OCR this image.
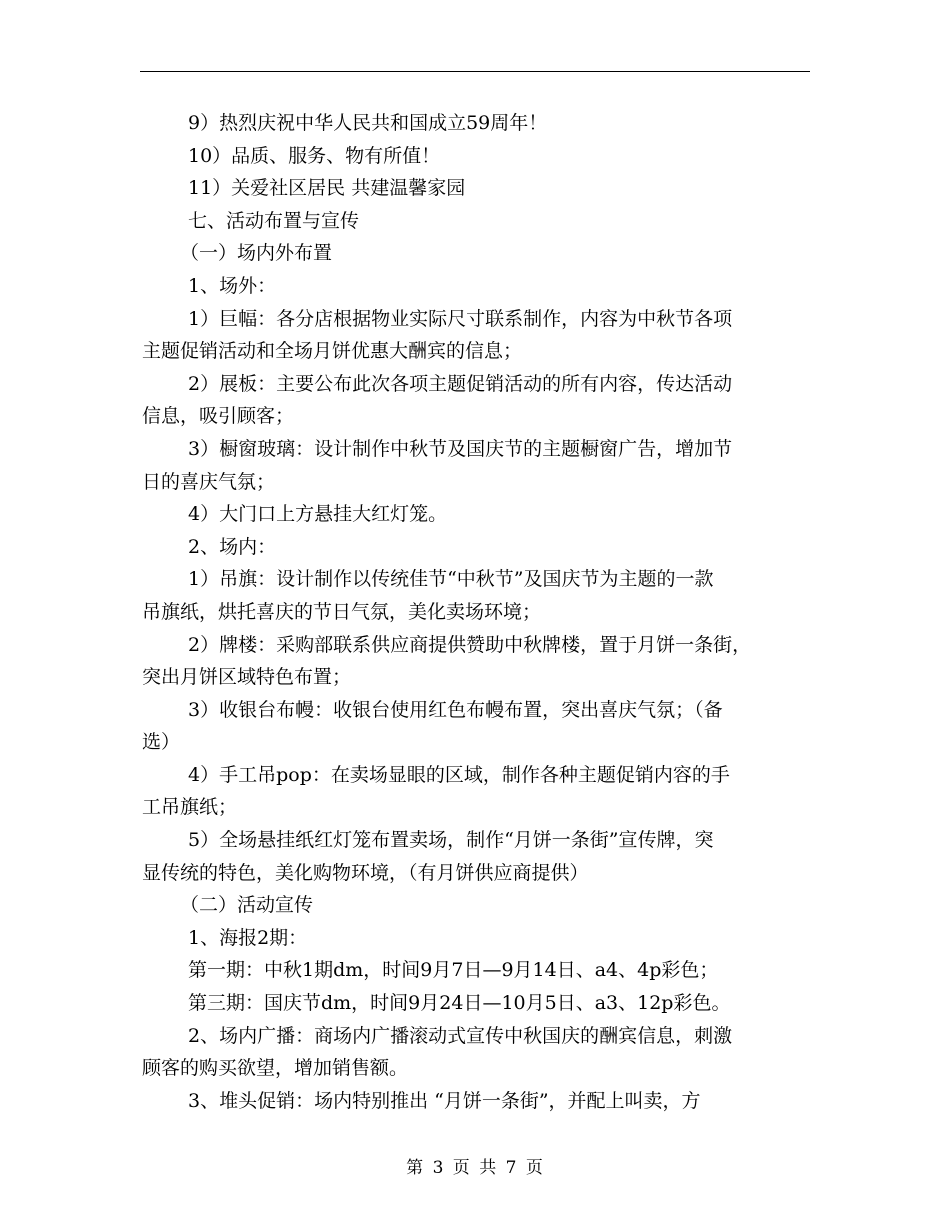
9）热烈庆祝中华人民共和国成立59周年！

10）品质、服务、物有所值！

11）关爱社区居民 共建温馨家园

七、活动布置与宣传

（一）场内外布置

1、场外：

1）巨幅：各分店根据物业实际尺寸联系制作，内容为中秋节各项

主题促销活动和全场月饼优惠大酬宾的信息；

2）展板：主要公布此次各项主题促销活动的所有内容，传达活动

信息，吸引顾客；

3）橱窗玻璃：设计制作中秋节及国庆节的主题橱窗广告，增加节

日的喜庆气氛；

4）大门口上方悬挂大红灯笼。

2、场内：

1）吊旗：设计制作以传统佳节“中秋节”及国庆节为主题的一款

吊旗纸，烘托喜庆的节日气氛，美化卖场环境；

2）牌楼：采购部联系供应商提供赞助中秋牌楼，置于月饼一条街，

突出月饼区域特色布置；

3）收银台布幔：收银台使用红色布幔布置，突出喜庆气氛；（备

选）

4）手工吊pop：在卖场显眼的区域，制作各种主题促销内容的手

工吊旗纸；

5）全场悬挂纸红灯笼布置卖场，制作“月饼一条街”宣传牌，突

显传统的特色，美化购物环境，（有月饼供应商提供）

（二）活动宣传

1、海报2期：

第一期：中秋1期dm，时间9月7日—9月14日、a4、4p彩色；

第三期：国庆节dm，时间9月24日—10月5日、a3、12p彩色。

2、场内广播：商场内广播滚动式宣传中秋国庆的酬宾信息，刺激

顾客的购买欲望，增加销售额。

3、堆头促销：场内特别推出 “月饼一条街”，并配上叫卖，方

第 3 页 共 7 页
